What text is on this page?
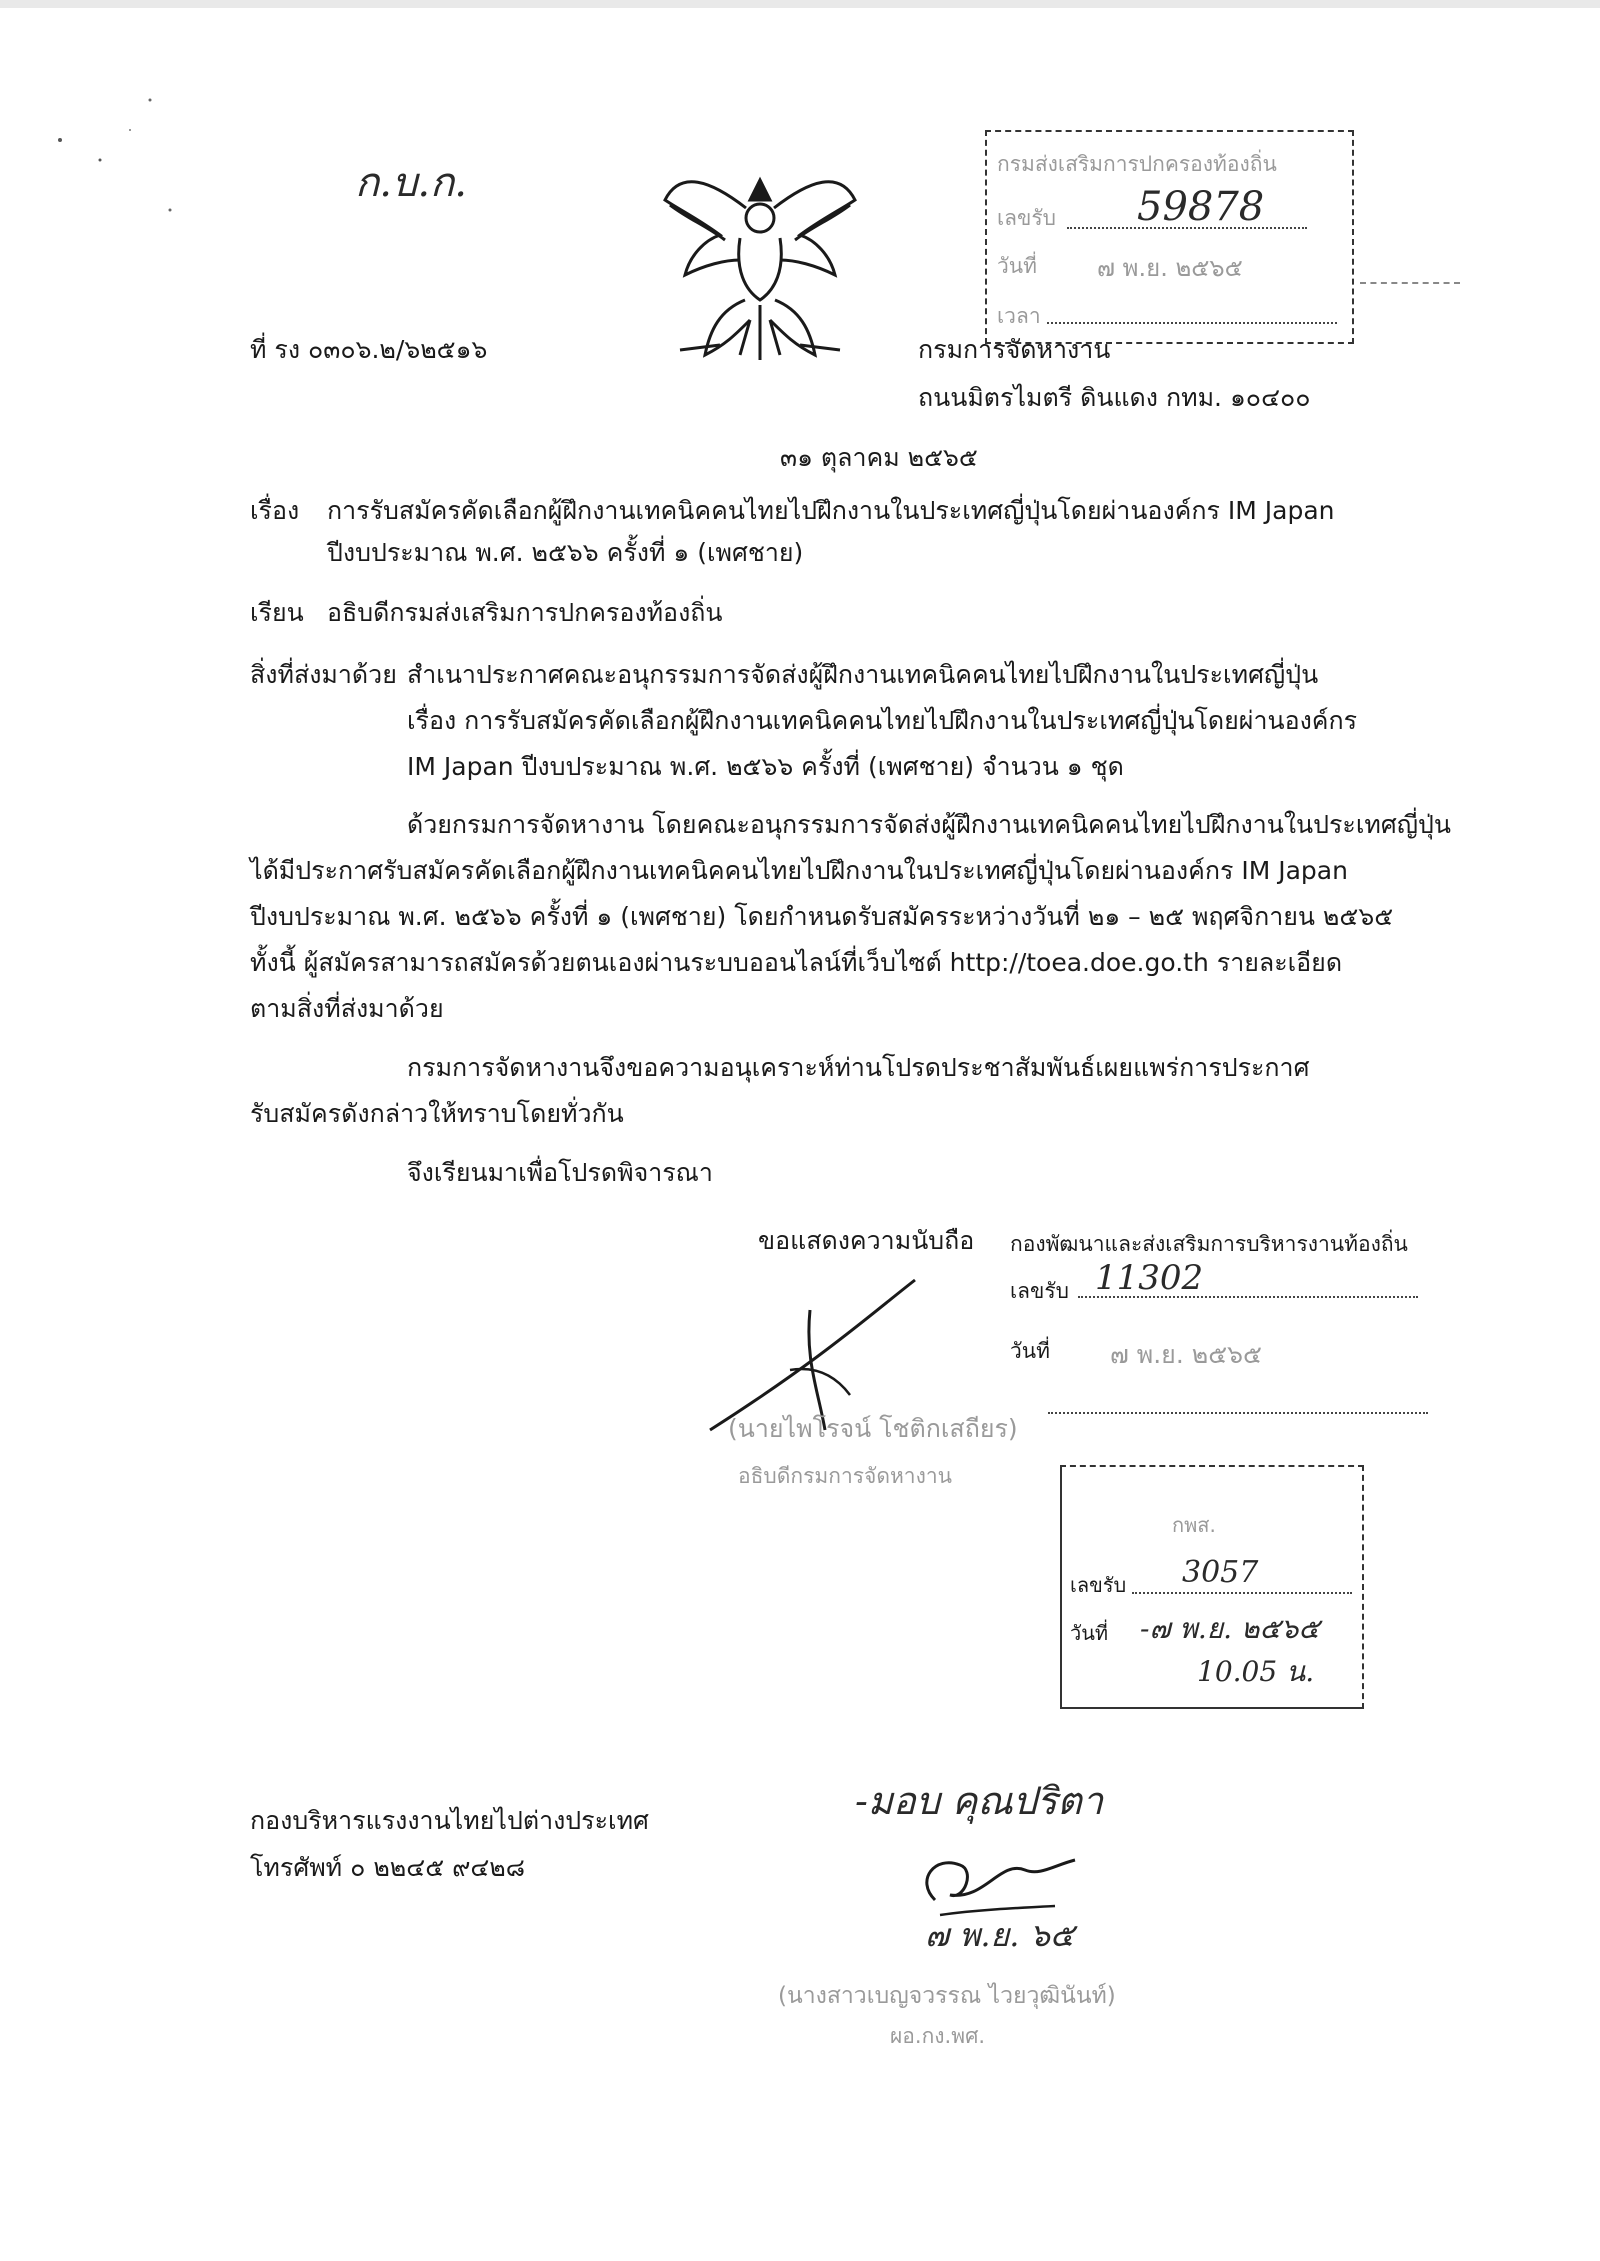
ก.บ.ก.
ㅤ
กรมส่งเสริมการปกครองท้องถิ่น
เลขรับ 59878
วันที่	๗ พ.ย. ๒๕๖๕
เวลา
ที่ รง ๐๓๐๖.๒/๖๒๕๑๖	กรมการจัดหางาน
ถนนมิตรไมตรี ดินแดง กทม. ๑๐๔๐๐
๓๑ ตุลาคม ๒๕๖๕
เรื่อง การรับสมัครคัดเลือกผู้ฝึกงานเทคนิคคนไทยไปฝึกงานในประเทศญี่ปุ่นโดยผ่านองค์กร IM Japan
ปีงบประมาณ พ.ศ. ๒๕๖๖ ครั้งที่ ๑ (เพศชาย)
เรียน อธิบดีกรมส่งเสริมการปกครองท้องถิ่น
สิ่งที่ส่งมาด้วย สำเนาประกาศคณะอนุกรรมการจัดส่งผู้ฝึกงานเทคนิคคนไทยไปฝึกงานในประเทศญี่ปุ่น
เรื่อง การรับสมัครคัดเลือกผู้ฝึกงานเทคนิคคนไทยไปฝึกงานในประเทศญี่ปุ่นโดยผ่านองค์กร
IM Japan ปีงบประมาณ พ.ศ. ๒๕๖๖ ครั้งที่ (เพศชาย) จำนวน ๑ ชุด
ด้วยกรมการจัดหางาน โดยคณะอนุกรรมการจัดส่งผู้ฝึกงานเทคนิคคนไทยไปฝึกงานในประเทศญี่ปุ่น
ได้มีประกาศรับสมัครคัดเลือกผู้ฝึกงานเทคนิคคนไทยไปฝึกงานในประเทศญี่ปุ่นโดยผ่านองค์กร IM Japan
ปีงบประมาณ พ.ศ. ๒๕๖๖ ครั้งที่ ๑ (เพศชาย) โดยกำหนดรับสมัครระหว่างวันที่ ๒๑ – ๒๕ พฤศจิกายน ๒๕๖๕
ทั้งนี้ ผู้สมัครสามารถสมัครด้วยตนเองผ่านระบบออนไลน์ที่เว็บไซต์ http://toea.doe.go.th รายละเอียด
ตามสิ่งที่ส่งมาด้วย
กรมการจัดหางานจึงขอความอนุเคราะห์ท่านโปรดประชาสัมพันธ์เผยแพร่การประกาศ
รับสมัครดังกล่าวให้ทราบโดยทั่วกัน
จึงเรียนมาเพื่อโปรดพิจารณา
ขอแสดงความนับถือ กองพัฒนาและส่งเสริมการบริหารงานท้องถิ่น
เลขรับ 11302
วันที่ ๗ พ.ย. ๒๕๖๕
(นายไพโรจน์ โชติกเสถียร)
อธิบดีกรมการจัดหางาน
กพส.
เลขรับ 3057
วันที่ -๗ พ.ย. ๒๕๖๕
10.05 น.
-มอบ คุณปริตา
กองบริหารแรงงานไทยไปต่างประเทศ
โทรศัพท์ ๐ ๒๒๔๕ ๙๔๒๘
๗ พ.ย. ๖๕
(นางสาวเบญจวรรณ ไวยวุฒินันท์)
ผอ.กง.พศ.
